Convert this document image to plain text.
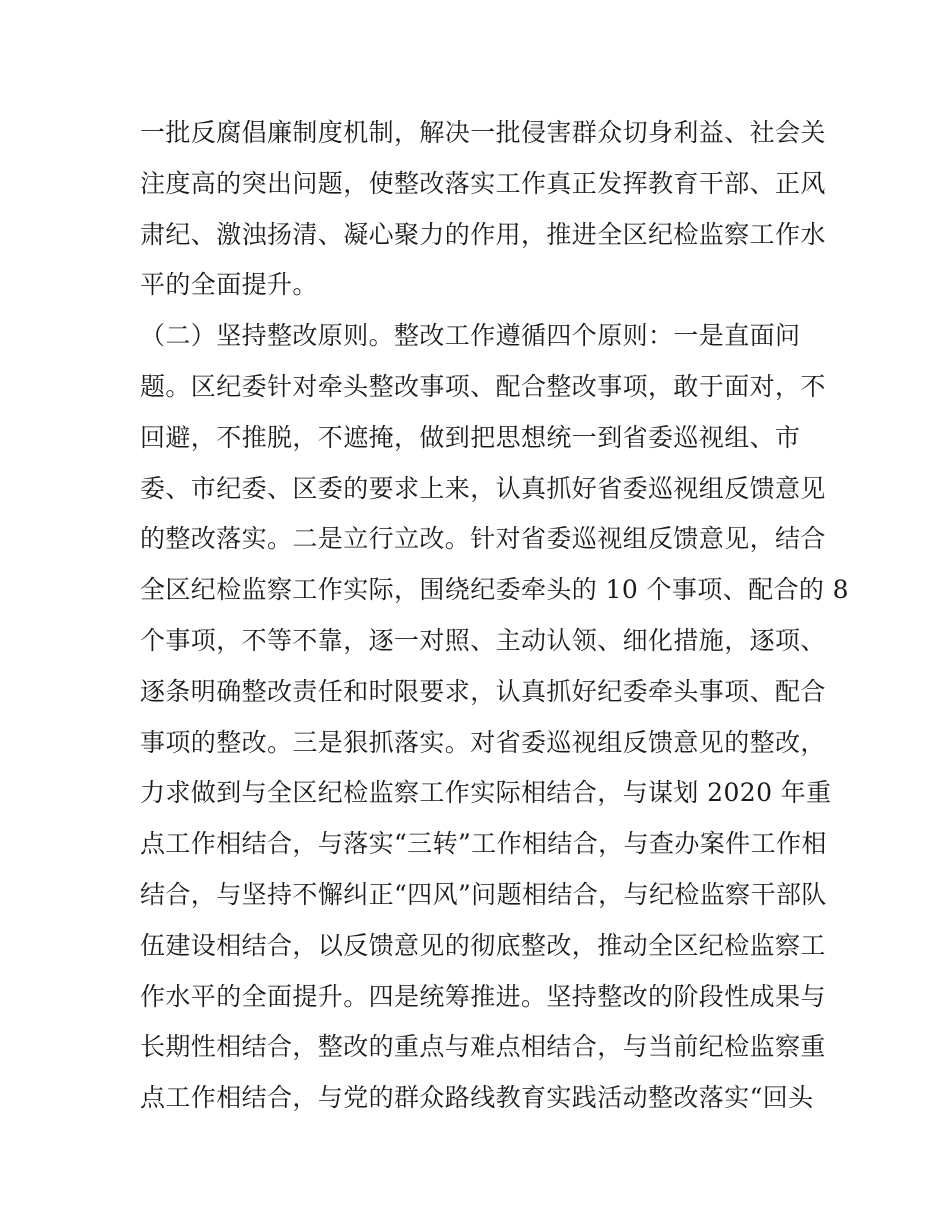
一批反腐倡廉制度机制，解决一批侵害群众切身利益、社会关
注度高的突出问题，使整改落实工作真正发挥教育干部、正风
肃纪、激浊扬清、凝心聚力的作用，推进全区纪检监察工作水
平的全面提升。
（二）坚持整改原则。整改工作遵循四个原则：一是直面问
题。区纪委针对牵头整改事项、配合整改事项，敢于面对，不
回避，不推脱，不遮掩，做到把思想统一到省委巡视组、市
委、市纪委、区委的要求上来，认真抓好省委巡视组反馈意见
的整改落实。二是立行立改。针对省委巡视组反馈意见，结合
全区纪检监察工作实际，围绕纪委牵头的 10 个事项、配合的 8
个事项，不等不靠，逐一对照、主动认领、细化措施，逐项、
逐条明确整改责任和时限要求，认真抓好纪委牵头事项、配合
事项的整改。三是狠抓落实。对省委巡视组反馈意见的整改，
力求做到与全区纪检监察工作实际相结合，与谋划 2020 年重
点工作相结合，与落实“三转”工作相结合，与查办案件工作相
结合，与坚持不懈纠正“四风”问题相结合，与纪检监察干部队
伍建设相结合，以反馈意见的彻底整改，推动全区纪检监察工
作水平的全面提升。四是统筹推进。坚持整改的阶段性成果与
长期性相结合，整改的重点与难点相结合，与当前纪检监察重
点工作相结合，与党的群众路线教育实践活动整改落实“回头
